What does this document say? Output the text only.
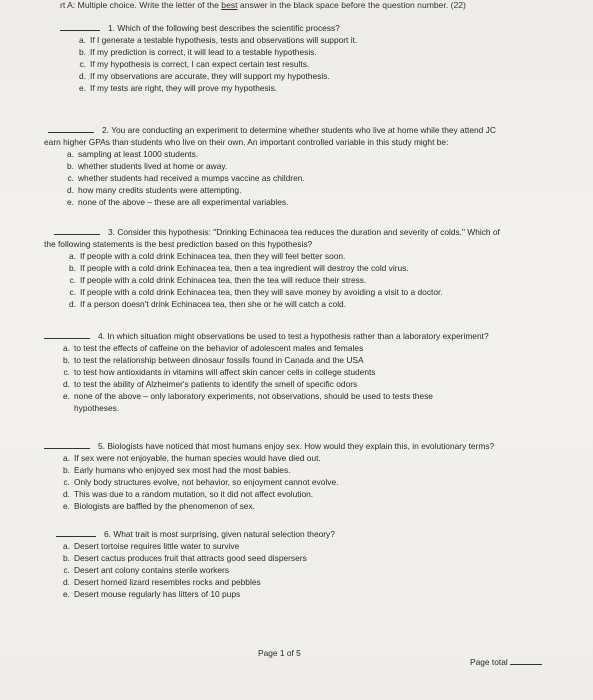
rt A: Multiple choice. Write the letter of the best answer in the black space before the question number. (22)
1. Which of the following best describes the scientific process?
a. If I generate a testable hypothesis, tests and observations will support it.
b. If my prediction is correct, it will lead to a testable hypothesis.
c. If my hypothesis is correct, I can expect certain test results.
d. If my observations are accurate, they will support my hypothesis.
e. If my tests are right, they will prove my hypothesis.
2. You are conducting an experiment to determine whether students who live at home while they attend JC
earn higher GPAs than students who live on their own. An important controlled variable in this study might be:
a. sampling at least 1000 students.
b. whether students lived at home or away.
c. whether students had received a mumps vaccine as children.
d. how many credits students were attempting.
e. none of the above – these are all experimental variables.
3. Consider this hypothesis: "Drinking Echinacea tea reduces the duration and severity of colds." Which of
the following statements is the best prediction based on this hypothesis?
a. If people with a cold drink Echinacea tea, then they will feel better soon.
b. If people with a cold drink Echinacea tea, then a tea ingredient will destroy the cold virus.
c. If people with a cold drink Echinacea tea, then the tea will reduce their stress.
c. If people with a cold drink Echinacea tea, then they will save money by avoiding a visit to a doctor.
d. If a person doesn't drink Echinacea tea, then she or he will catch a cold.
4. In which situation might observations be used to test a hypothesis rather than a laboratory experiment?
a. to test the effects of caffeine on the behavior of adolescent males and females
b. to test the relationship between dinosaur fossils found in Canada and the USA
c. to test how antioxidants in vitamins will affect skin cancer cells in college students
d. to test the ability of Alzheimer's patients to identify the smell of specific odors
e. none of the above – only laboratory experiments, not observations, should be used to tests these
hypotheses.
5. Biologists have noticed that most humans enjoy sex. How would they explain this, in evolutionary terms?
a. If sex were not enjoyable, the human species would have died out.
b. Early humans who enjoyed sex most had the most babies.
c. Only body structures evolve, not behavior, so enjoyment cannot evolve.
d. This was due to a random mutation, so it did not affect evolution.
e. Biologists are baffled by the phenomenon of sex.
6. What trait is most surprising, given natural selection theory?
a. Desert tortoise requires little water to survive
b. Desert cactus produces fruit that attracts good seed dispersers
c. Desert ant colony contains sterile workers
d. Desert horned lizard resembles rocks and pebbles
e. Desert mouse regularly has litters of 10 pups
Page 1 of 5
Page total
